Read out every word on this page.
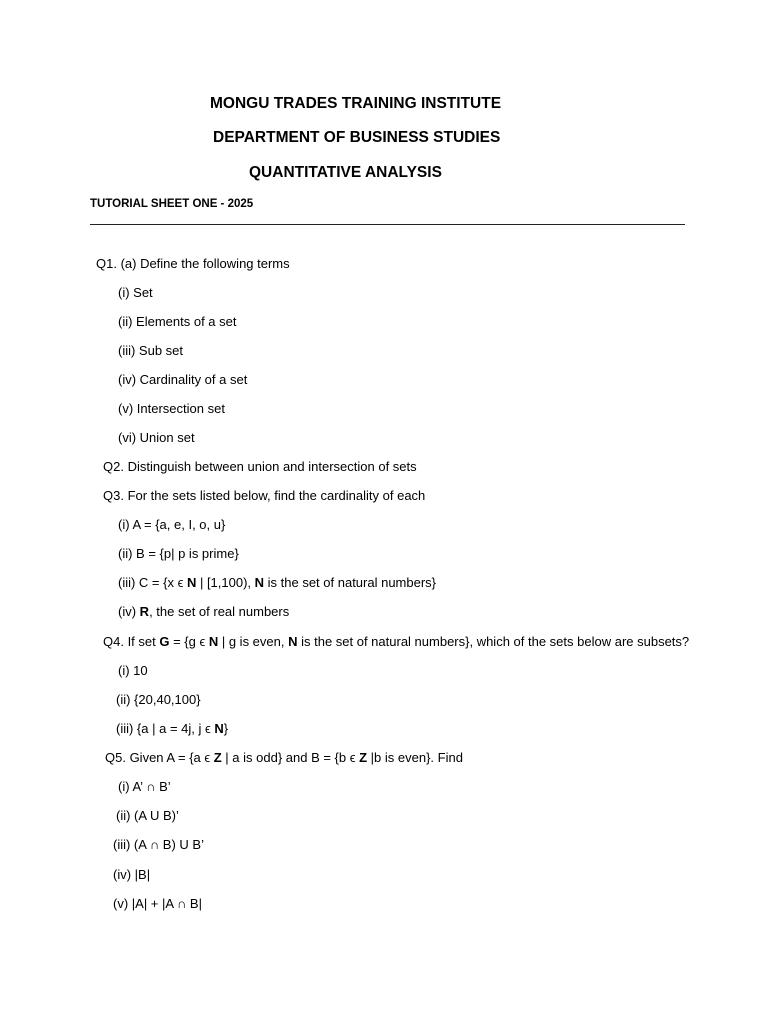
MONGU TRADES TRAINING INSTITUTE
DEPARTMENT OF BUSINESS STUDIES
QUANTITATIVE ANALYSIS
TUTORIAL SHEET ONE - 2025
Q1. (a) Define the following terms
(i) Set
(ii) Elements of a set
(iii) Sub set
(iv) Cardinality of a set
(v) Intersection set
(vi) Union set
Q2. Distinguish between union and intersection of sets
Q3. For the sets listed below, find the cardinality of each
(i) A = {a, e, I, o, u}
(ii) B = {p| p is prime}
(iii) C = {x ϵ N | [1,100), N is the set of natural numbers}
(iv) R, the set of real numbers
Q4. If set G = {g ϵ N | g is even, N is the set of natural numbers}, which of the sets below are subsets?
(i) 10
(ii) {20,40,100}
(iii) {a | a = 4j, j ϵ N}
Q5. Given A = {a ϵ Z | a is odd} and B = {b ϵ Z |b is even}. Find
(i) A’ ∩ B’
(ii) (A U B)’
(iii) (A ∩ B) U B’
(iv) |B|
(v) |A| + |A ∩ B|
